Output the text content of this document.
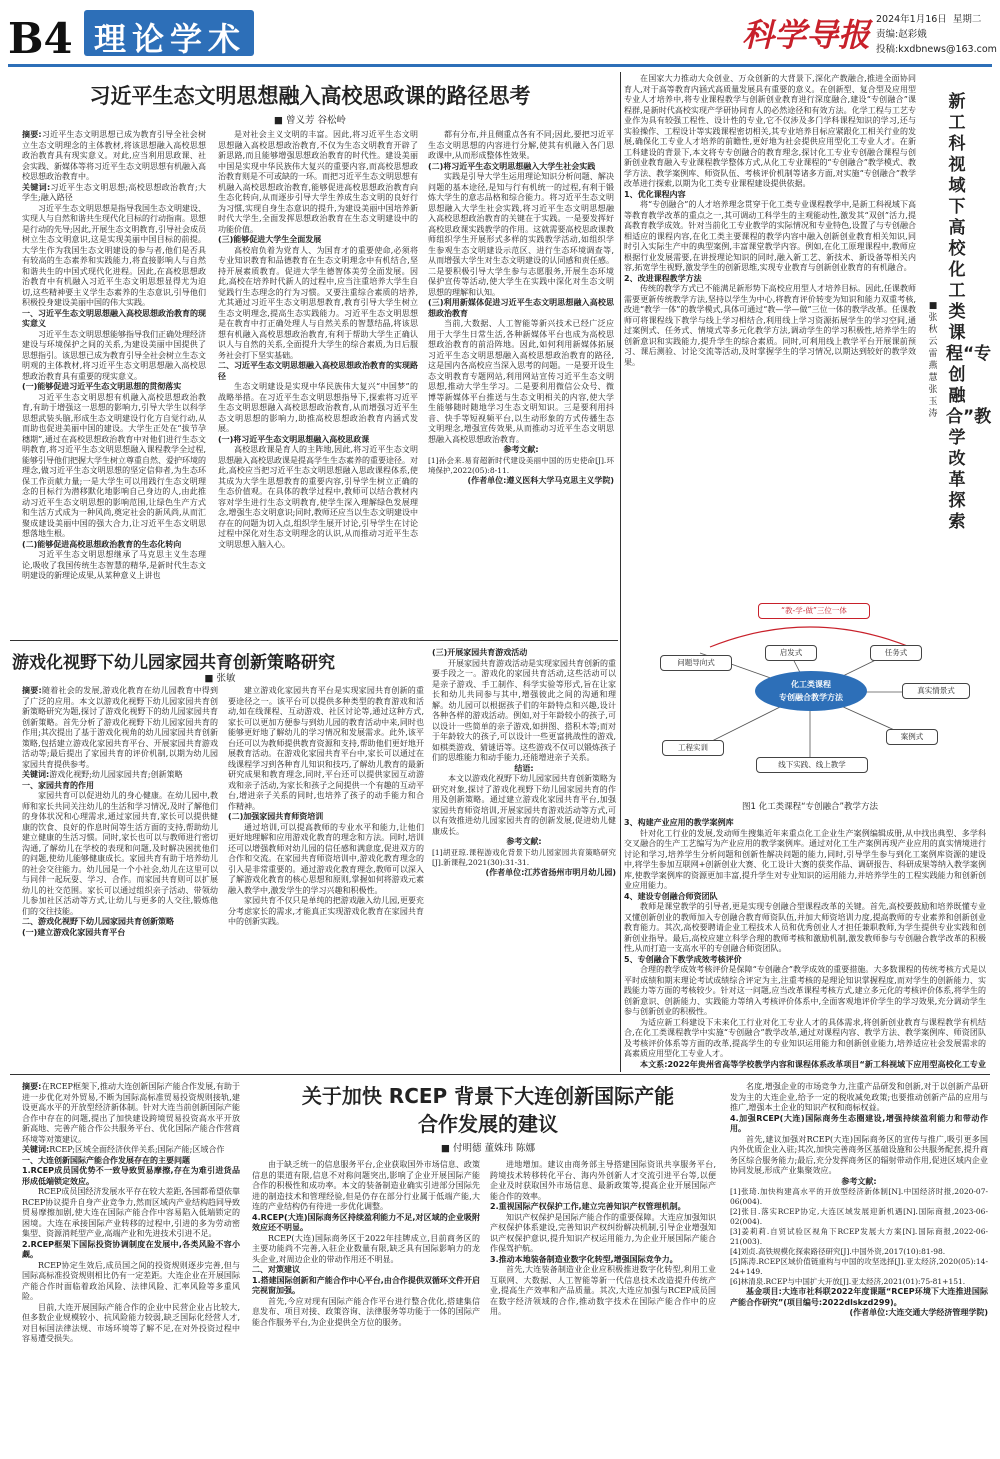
B4 理论学术	科学导报 2024年1月16日 星期二
责编:赵彩娥
投稿:kxdbnews@163.com
习近平生态文明思想融入高校思政课的路径思考
■ 曾义芳 谷松岭
摘要:习近平生态文明思想已成为教育引导全社会树立生态文明理念的主体教材,将该思想融入高校思想政治教育具有现实意义。对此,应当利用思政课、社会实践、新媒体等将习近平生态文明思想有机融入高校思想政治教育中。
关键词:习近平生态文明思想;高校思想政治教育;大学生;融入路径

习近平生态文明思想是指导我国生态文明建设、实现人与自然和谐共生现代化目标的行动指南。思想是行动的先导;因此,开展生态文明教育,引导社会成员树立生态文明意识,这是实现美丽中国目标的前提。大学生作为我国生态文明建设的参与者,他们是否具有较高的生态素养和实践能力,将直接影响人与自然和谐共生的中国式现代化进程。因此,在高校思想政治教育中有机融入习近平生态文明思想显得尤为迫切,这些精神要主义学生态素养的生态意识,引导他们积极投身建设美丽中国的伟大实践。

一、习近平生态文明思想融入高校思想政治教育的现实意义

习近平生态文明思想能够指导我们正确处理经济建设与环境保护之间的关系,为建设美丽中国提供了思想指引。该思想已成为教育引导全社会树立生态文明观的主体教材,将习近平生态文明思想融入高校思想政治教育具有重要的现实意义。

(一)能够促进习近平生态文明思想的贯彻落实

习近平生态文明思想有机融入高校思想政治教育,有助于增强这一思想的影响力,引导大学生以科学思想武装头脑,形成生态文明建设行化方自觉行动,从而助也促进美丽中国的建设。大学生正处在“拔节孕穗期”,通过在高校思想政治教育中对他们进行生态文明教育,将习近平生态文明思想融入课程教学全过程,能够引导他们把握大学生树立尊重自然、爱护环境的理念,做习近平生态文明思想的坚定信仰者,为生态环保工作贡献力量;一是大学生可以用践行生态文明理念的目标行为潜移默化地影响自己身边的人,由此推动习近平生态文明思想的影响范围,让绿色生产方式和生活方式成为一种风尚,奠定社会的新风尚,从而汇聚成建设美丽中国的强大合力,让习近平生态文明思想落地生根。

(二)能够促进高校思想政治教育的生态化转向

习近平生态文明思想继承了马克思主义生态理论,吸收了我国传统生态智慧的精华,是新时代生态文明建设的新理论成果,从某种意义上讲也

是对社会主义文明的丰富。因此,将习近平生态文明思想融入高校思想政治教育,不仅为生态文明教育开辟了新思路,而且能够增强思想政治教育的时代性。建设美丽中国是实现中华民族伟大复兴的重要内容,而高校思想政治教育则是不可或缺的一环。而把习近平生态文明思想有机融入高校思想政治教育,能够促进高校思想政治教育向生态化转向,从而逐步引导大学生养成生态文明的良好行为习惯,实现自身生态意识的提升,为建设美丽中国培养新时代大学生,全面发挥思想政治教育在生态文明建设中的功能价值。

(三)能够促进大学生全面发展

高校肩负着为党育人、为国育才的重要使命,必须将专业知识教育和品德教育在生态文明理念中有机结合,坚持开展素质教育。促进大学生德智体美劳全面发展。因此,高校在培养时代新人的过程中,应当注重培养大学生自觉践行生态理念的行为习惯。又要注重综合素质的培养,尤其通过习近平生态文明思想教育,教育引导大学生树立生态文明理念,提高生态实践能力。习近平生态文明思想是在教育中打正确处理人与自然关系的智慧结晶,将该思想有机融入高校思想政治教育,有利于帮助大学生正确认识人与自然的关系,全面提升大学生的综合素质,为日后服务社会打下坚实基础。

二、习近平生态文明思想融入高校思想政治教育的实现路径

生态文明建设是实现中华民族伟大复兴“中国梦”的战略举措。在习近平生态文明思想指导下,探索将习近平生态文明思想融入高校思想政治教育,从而增强习近平生态文明思想的影响力,助推高校思想政治教育内涵式发展。

(一)将习近平生态文明思想融入高校思政课

高校思政课是育人的主阵地,因此,将习近平生态文明思想融入高校思政课是提高学生生态素养的重要途径。对此,高校应当把习近平生态文明思想融入思政课程体系,使其成为大学生思想教育的重要内容,引导学生树立正确的生态价值观。在具体的教学过程中,教师可以结合教材内容对学生进行生态文明教育,使学生深入理解绿色发展理念,增强生态文明意识;同时,教师还应当以生态文明建设中存在的问题为切入点,组织学生展开讨论,引导学生在讨论过程中深化对生态文明理念的认识,从而推动习近平生态文明思想入脑入心。

都有分布,并且侧重点各有不同;因此,要把习近平生态文明思想的内容进行分解,使其有机融入各门思政课中,从而形成整体性效果。

(二)将习近平生态文明思想融入大学生社会实践

实践是引导大学生运用理论知识分析问题、解决问题的基本途径,是知与行有机统一的过程,有利于锻炼大学生的意志品格和综合能力。将习近平生态文明思想融入大学生社会实践,将习近平生态文明思想融入高校思想政治教育的关键在于实践。一是要发挥好高校思政课实践教学的作用。这就需要高校思政课教师组织学生开展形式多样的实践教学活动,如组织学生参观生态文明建设示范区、进行生态环境调查等,从而增强大学生对生态文明建设的认同感和责任感。二是要积极引导大学生参与志愿服务,开展生态环境保护宣传等活动,使大学生在实践中深化对生态文明思想的理解和认知。

(三)利用新媒体促进习近平生态文明思想融入高校思想政治教育

当前,大数据、人工智能等新兴技术已经广泛应用于大学生日常生活,各种新媒体平台也成为高校思想政治教育的前沿阵地。因此,如何利用新媒体拓展习近平生态文明思想融入高校思想政治教育的路径,这是国内各高校应当深入思考的问题。一是要开设生态文明教育专题网站,利用网站宣传习近平生态文明思想,推动大学生学习。二是要利用微信公众号、微博等新媒体平台推送与生态文明相关的内容,使大学生能够随时随地学习生态文明知识。三是要利用抖音、快手等短视频平台,以生动形象的方式传播生态文明理念,增强宣传效果,从而推动习近平生态文明思想融入高校思想政治教育。

参考文献:
[1]孙会来.易育超新时代建设美丽中国的历史使命[J].环境保护,2022(05):8-11.
(作者单位:遵义医科大学马克思主义学院)
新工科视域下高校化工类课程“专创融合”教学改革探索
■ 张秋云 雷燕慧 张玉涛

在国家大力推动大众创业、万众创新的大背景下,深化产教融合,推进全面协同育人,对于高等教育内涵式高质量发展具有重要的意义。在创新型、复合型及应用型专业人才培养中,将专业课程教学与创新创业教育进行深度融合,建设“专创融合”课程群,是新时代高校实现产学研协同育人的必然途径和有效方法。化学工程与工艺专业作为具有较强工程性、设计性的专业,它不仅涉及多门学科课程知识的学习,还与实验操作、工程设计等实践课程密切相关,其专业培养目标应紧跟化工相关行业的发展,确保化工专业人才培养的前瞻性,更好地为社会提供应用型化工专业人才。在新工科建设的背景下,本文将专专创融合的教育理念,探讨化工专业专创融合课程与创新创业教育融入专业课程教学整体方式,从化工专业课程的“专创融合”教学模式、教学方法、教学案例库、师资队伍、考核评价机制等诸多方面,对实施“专创融合”教学改革进行探索,以期为化工类专业课程建设提供依据。

1、优化课程内容

将“专创融合”的人才培养理念贯穿于化工类专业课程教学中,是新工科视域下高等教育教学改革的重点之一,其可调动工科学生的主观能动性,激发其“双创”活力,提高教育教学成效。针对当前化工专业教学的实际情况和专业特色,设置了与专创融合相适应的课程内容,在化工类主要课程的教学内容中融入创新创业教育相关知识,同时引入实际生产中的典型案例,丰富课堂教学内容。例如,在化工原理课程中,教师应根据行业发展需要,在讲授理论知识的同时,融入新工艺、新技术、新设备等相关内容,拓宽学生视野,激发学生的创新思维,实现专业教育与创新创业教育的有机融合。

2、改进课程教学方法

传统的教学方式已不能满足新形势下高校应用型人才培养目标。因此,任课教师需要更新传统教学方法,坚持以学生为中心,将教育评价转变为知识和能力双重考核,改进“教学一体”的教学模式,具体可通过“教—学—做”三位一体的教学改革。任课教师可将课程线下教学与线上学习相结合,利用线上学习资源拓展学生的学习空间,通过案例式、任务式、情境式等多元化教学方法,调动学生的学习积极性,培养学生的创新意识和实践能力,提升学生的综合素质。同时,可利用线上教学平台开展课前预习、课后测验、讨论交流等活动,及时掌握学生的学习情况,以期达到较好的教学效果。

“教-学-做”三位一体
问题导向式
启发式	任务式
化工类课程
专创融合教学方法
真实情景式
工程实训
线下实践、线上教学
案例式
图1 化工类课程“专创融合”教学方法
3、构建产业应用的教学案例库

针对化工行业的发展,发动师生搜集近年来重点化工企业生产案例编辑成册,从中找出典型、多学科交叉融合的生产工艺编写为产业应用的教学案例库。通过对化工生产案例再现产业应用的真实情境进行讨论和学习,培养学生分析问题和创新性解决问题的能力,同时,引导学生参与到化工案例库资源的建设中,将学生参加互联网+创新创业大赛、化工设计大赛的获奖作品、调研报告、科研成果等纳入教学案例库,使教学案例库的资源更加丰富,提升学生对专业知识的运用能力,并培养学生的工程实践能力和创新创业应用能力。

4、建设专创融合师资团队

教师是课堂教学的引导者,更是实现专创融合型课程改革的关键。首先,高校要鼓励和培养既懂专业又懂创新创业的教师加入专创融合教育师资队伍,并加大师资培训力度,提高教师的专业素养和创新创业教育能力。其次,高校要聘请企业工程技术人员和优秀创业人才担任兼职教师,为学生提供专业实践和创新创业指导。最后,高校应建立科学合理的教师考核和激励机制,激发教师参与专创融合教学改革的积极性,从而打造一支高水平的专创融合师资团队。

5、专创融合下教学成效考核评价

合理的教学成效考核评价是保障“专创融合”教学成效的重要措施。大多数课程的传统考核方式是以平时成绩和期末理论考试成绩综合评定为主,注重考核的是理论知识掌握程度,而对学生的创新能力、实践能力等方面的考核较少。针对这一问题,应当改革课程考核方式,建立多元化的考核评价体系,将学生的创新意识、创新能力、实践能力等纳入考核评价体系中,全面客观地评价学生的学习效果,充分调动学生参与创新创业的积极性。

为适应新工科建设下未来化工行业对化工专业人才的具体需求,将创新创业教育与课程教学有机结合,在化工类课程教学中实施“专创融合”教学改革,通过对课程内容、教学方法、教学案例库、师资团队及考核评价体系等方面的改革,提高学生的专业知识运用能力和创新创业能力,培养适应社会发展需求的高素质应用型化工专业人才。

本文系:2022年贵州省高等学校教学内容和课程体系改革项目“新工科视域下应用型高校化工专业
游戏化视野下幼儿园家园共育创新策略研究
■ 张敏
摘要:随着社会的发展,游戏化教育在幼儿园教育中得到了广泛的应用。本文以游戏化视野下幼儿园家园共育创新策略研究为题,探讨了游戏化视野下的幼儿园家园共育创新策略。首先分析了游戏化视野下幼儿园家园共育的作用;其次提出了基于游戏化视角的幼儿园家园共育创新策略,包括建立游戏化家园共育平台、开展家园共育游戏活动等;最后提出了家园共育的评价机制,以期为幼儿园家园共育提供参考。
关键词:游戏化视野;幼儿园家园共育;创新策略
一、家园共育的作用

家园共育可以促进幼儿的身心健康。在幼儿园中,教师和家长共同关注幼儿的生活和学习情况,及时了解他们的身体状况和心理需求,通过家园共育,家长可以提供健康的饮食、良好的作息时间等生活方面的支持,帮助幼儿建立健康的生活习惯。同时,家长也可以与教师进行密切沟通,了解幼儿在学校的表现和问题,及时解决困扰他们的问题,使幼儿能够健康成长。家园共育有助于培养幼儿的社会交往能力。幼儿园是一个小社会,幼儿在这里可以与同伴一起玩耍、学习、合作。而家园共育则可以扩展幼儿的社交范围。家长可以通过组织亲子活动、带领幼儿参加社区活动等方式,让幼儿与更多的人交往,锻炼他们的交往技能。

二、游戏化视野下幼儿园家园共育创新策略
(一)建立游戏化家园共育平台

建立游戏化家园共育平台是实现家园共育创新的重要途径之一。该平台可以提供多种类型的教育游戏和活动,如在线课程、互动游戏、社区讨论等,通过这种方式,家长可以更加方便参与到幼儿园的教育活动中来,同时也能够更好地了解幼儿的学习情况和发展需求。此外,该平台还可以为教师提供教育资源和支持,帮助他们更好地开展教育活动。在游戏化家园共育平台中,家长可以通过在线课程学习到各种育儿知识和技巧,了解幼儿教育的最新研究成果和教育理念,同时,平台还可以提供家园互动游戏和亲子活动,为家长和孩子之间提供一个有趣的互动平台,增进亲子关系的同时,也培养了孩子的动手能力和合作精神。

(二)加强家园共育师资培训

通过培训,可以提高教师的专业水平和能力,让他们更好地理解和应用游戏化教育的理念和方法。同时,培训还可以增强教师对幼儿园的信任感和满意度,促进双方的合作和交流。在家园共育师资培训中,游戏化教育理念的引入是非常重要的。通过游戏化教育理念,教师可以深入了解游戏化教育的核心思想和原则,掌握如何将游戏元素融入教学中,激发学生的学习兴趣和积极性。

家园共育不仅只是单纯的把游戏融入幼儿园,更要充分考虑家长的需求,才能真正实现游戏化教育在家园共育中的创新实践。

(三)开展家园共育游戏活动

开展家园共育游戏活动是实现家园共育创新的重要手段之一。游戏化的家园共育活动,这些活动可以是亲子游戏、手工制作、科学实验等形式,旨在让家长和幼儿共同参与其中,增强彼此之间的沟通和理解。幼儿园可以根据孩子们的年龄特点和兴趣,设计各种各样的游戏活动。例如,对于年龄较小的孩子,可以设计一些简单的亲子游戏,如拼图、搭积木等;而对于年龄较大的孩子,可以设计一些更富挑战性的游戏,如棋类游戏、猜谜语等。这些游戏不仅可以锻炼孩子们的思维能力和动手能力,还能增进亲子关系。

结语:

本文以游戏化视野下幼儿园家园共育创新策略为研究对象,探讨了游戏化视野下幼儿园家园共育的作用及创新策略。通过建立游戏化家园共育平台,加强家园共育师资培训,开展家园共育游戏活动等方式,可以有效推进幼儿园家园共育的创新发展,促进幼儿健康成长。

参考文献:
[1]胡亚琼.课程游戏化背景下幼儿园家园共育策略研究[J].新课程,2021(30):31-31.
(作者单位:江苏省扬州市明月幼儿园)
摘要:在RCEP框架下,推动大连创新国际产能合作发展,有助于进一步优化对外贸易,不断为国际高标准贸易投资规则接轨,建设更高水平的开放型经济新体制。针对大连当前创新国际产能合作中存在的问题,提出了加快建设跨境贸易投资高水平开放新高地、完善产能合作公共服务平台、优化国际产能合作营商环境等对策建议。
关键词:RCEP;区域全面经济伙伴关系;国际产能;区域合作
一、大连创新国际产能合作发展存在的主要问题
1.RCEP成员国优势不一致导致贸易摩擦,存在为难引进货品形成低端锁定效应。

RCEP成员国经济发展水平存在较大差距,各国都希望依靠RCEP协议提升自身产业竞争力,然而区域内产业结构趋同导致贸易摩擦加剧,使大连在国际产能合作中容易陷入低端锁定的困境。大连在承接国际产业转移的过程中,引进的多为劳动密集型、资源消耗型产业,高端产业和先进技术引进不足。

2.RCEP框架下国际投资协调制度在发展中,各类风险不容小觑。

RCEP协定生效后,成员国之间的投资规则逐步完善,但与国际高标准投资规则相比仍有一定差距。大连企业在开展国际产能合作时面临着政治风险、法律风险、汇率风险等多重风险。

目前,大连开展国际产能合作的企业中民营企业占比较大,但多数企业规模较小、抗风险能力较弱,缺乏国际化经营人才,对目标国法律法规、市场环境等了解不足,在对外投资过程中容易遭受损失。

关于加快 RCEP 背景下大连创新国际产能
合作发展的建议
■ 付明德 董姝玮 陈娜

由于缺乏统一的信息服务平台,企业获取国外市场信息、政策信息的渠道有限,信息不对称问题突出,影响了企业开展国际产能合作的积极性和成功率。本文的装备制造业确实引进部分国际先进的制造技术和管理经验,但是仍存在部分行业属于低端产能,大连的产业结构仍有待进一步优化调整。

4.RCEP(大连)国际商务区持续盈利能力不足,对区域的企业吸附效应还不明显。

RCEP(大连)国际商务区于2022年挂牌成立,目前商务区的主要功能尚不完善,入驻企业数量有限,缺乏具有国际影响力的龙头企业,对周边企业的带动作用还不明显。

二、对策建议
1.搭建国际创新和产能合作中心平台,由合作提供双循环文件开启完视窗加强。

首先,今应对现有国际产能合作平台进行整合优化,搭建集信息发布、项目对接、政策咨询、法律服务等功能于一体的国际产能合作服务平台,为企业提供全方位的服务。

进地增加。建议由商务部主导搭建国际资讯共享服务平台,跨境技术转移转化平台、海内外创新人才交流引进平台等,以便企业及时获取国外市场信息、最新政策等,提高企业开展国际产能合作的效率。

2.重视国际产权保护工作,建立完善知识产权管理机制。

知识产权保护是国际产能合作的重要保障。大连应加强知识产权保护体系建设,完善知识产权纠纷解决机制,引导企业增强知识产权保护意识,提升知识产权运用能力,为企业开展国际产能合作保驾护航。

3.推动本地装备制造业数字化转型,增强国际竞争力。

首先,大连装备制造业企业应积极推进数字化转型,利用工业互联网、大数据、人工智能等新一代信息技术改造提升传统产业,提高生产效率和产品质量。其次,大连应加强与RCEP成员国在数字经济领域的合作,推动数字技术在国际产能合作中的应用。

名度,增强企业的市场竞争力,注重产品研发和创新,对于以创新产品研发为主的大连企业,给予一定的税收减免政策;也要推动创新产品的应用与推广,增强本土企业的知识产权和商标权益。

4.加强RCEP(大连)国际商务生态圈建设,增强持续盈利能力和带动作用。

首先,建议加强对RCEP(大连)国际商务区的宣传与推广,吸引更多国内外优质企业入驻;其次,加快完善商务区基础设施和公共服务配套,提升商务区综合服务能力;最后,充分发挥商务区的辐射带动作用,促进区域内企业协同发展,形成产业集聚效应。

参考文献:
[1]张琦.加快构建高水平的开放型经济新体制[N].中国经济时报,2020-07-06(004).
[2]张目.落实RCEP协定,大连区域发展迎新机遇[N].国际商报,2023-06-02(004).
[3]姜莉莉.自贸试验区视角下RCEP发展大方案[N].国际商报,2022-06-21(003).
[4]刘贞.高铁规模化探索路径研究[J].中国外资,2017(10):81-98.
[5]陈涛.RCEP区域价值链重构与中国的攻坚选择[J].亚太经济,2020(05):14-24+149.
[6]林清泉.RCEP与中国扩大开放[J].亚太经济,2021(01):75-81+151.
基金项目:大连市社科联2022年度课题“RCEP环境下大连推进国际产能合作研究”(项目编号:2022dlskzd299)。
(作者单位:大连交通大学经济管理学院)
